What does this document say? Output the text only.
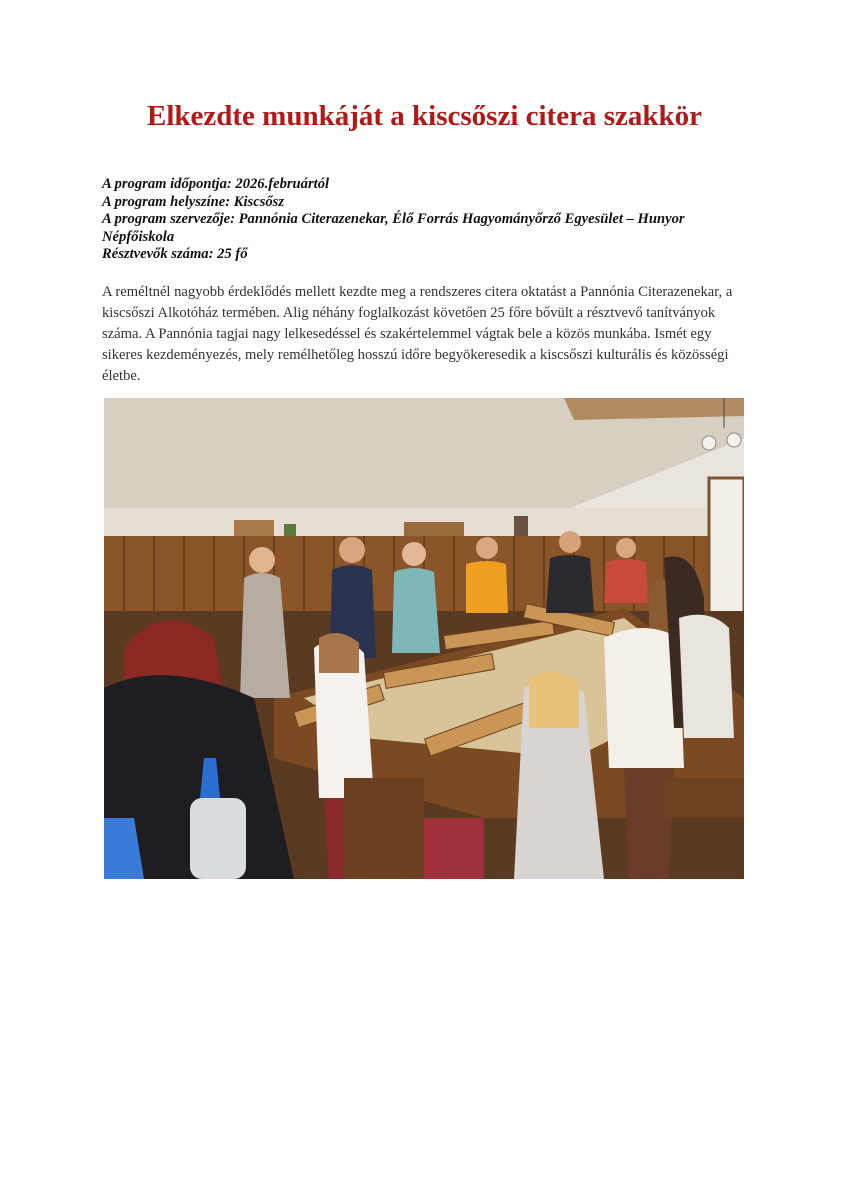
Elkezdte munkáját a kiscsőszi citera szakkör
A program időpontja: 2026.februártól
A program helyszíne: Kiscsősz
A program szervezője: Pannónia Citerazenekar, Élő Forrás Hagyományőrző Egyesület – Hunyor Népfőiskola
Résztvevők száma: 25 fő

A reméltnél nagyobb érdeklődés mellett kezdte meg a rendszeres citera oktatást a Pannónia Citerazenekar, a kiscsőszi Alkotóház termében. Alig néhány foglalkozást követően 25 főre bővült a résztvevő tanítványok száma. A Pannónia tagjai nagy lelkesedéssel és szakértelemmel vágtak bele a közös munkába. Ismét egy sikeres kezdeményezés, mely remélhetőleg hosszú időre begyökeresedik a kiscsőszi kulturális és közösségi életbe.
